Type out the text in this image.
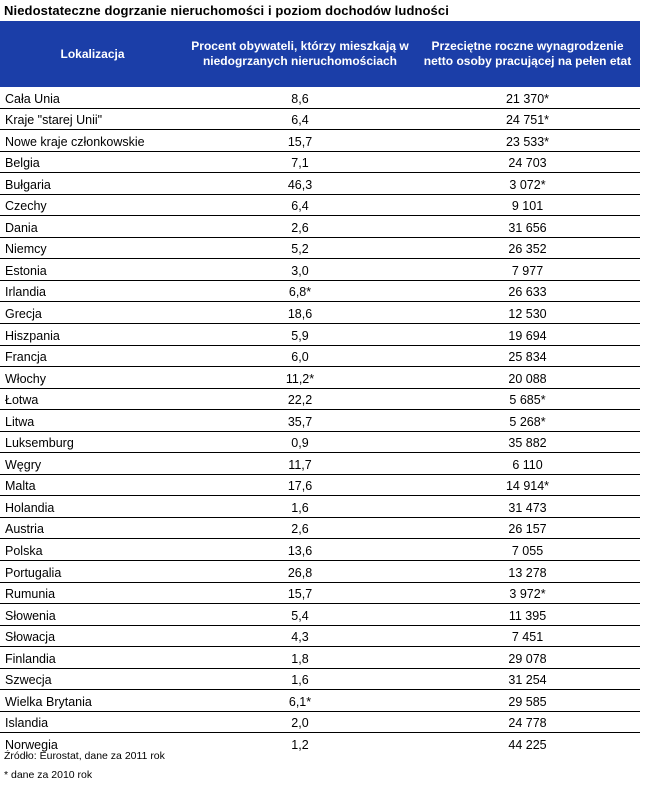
Niedostateczne dogrzanie nieruchomości i poziom dochodów ludności
Lokalizacja	Procent obywateli, którzy mieszkają w niedogrzanych nieruchomościach	Przeciętne roczne wynagrodzenie netto osoby pracującej na pełen etat
Cała Unia	8,6	21 370*
Kraje "starej Unii"	6,4	24 751*
Nowe kraje członkowskie	15,7	23 533*
Belgia	7,1	24 703
Bułgaria	46,3	3 072*
Czechy	6,4	9 101
Dania	2,6	31 656
Niemcy	5,2	26 352
Estonia	3,0	7 977
Irlandia	6,8*	26 633
Grecja	18,6	12 530
Hiszpania	5,9	19 694
Francja	6,0	25 834
Włochy	11,2*	20 088
Łotwa	22,2	5 685*
Litwa	35,7	5 268*
Luksemburg	0,9	35 882
Węgry	11,7	6 110
Malta	17,6	14 914*
Holandia	1,6	31 473
Austria	2,6	26 157
Polska	13,6	7 055
Portugalia	26,8	13 278
Rumunia	15,7	3 972*
Słowenia	5,4	11 395
Słowacja	4,3	7 451
Finlandia	1,8	29 078
Szwecja	1,6	31 254
Wielka Brytania	6,1*	29 585
Islandia	2,0	24 778
Norwegia	1,2	44 225
Źródło: Eurostat, dane za 2011 rok
* dane za 2010 rok
